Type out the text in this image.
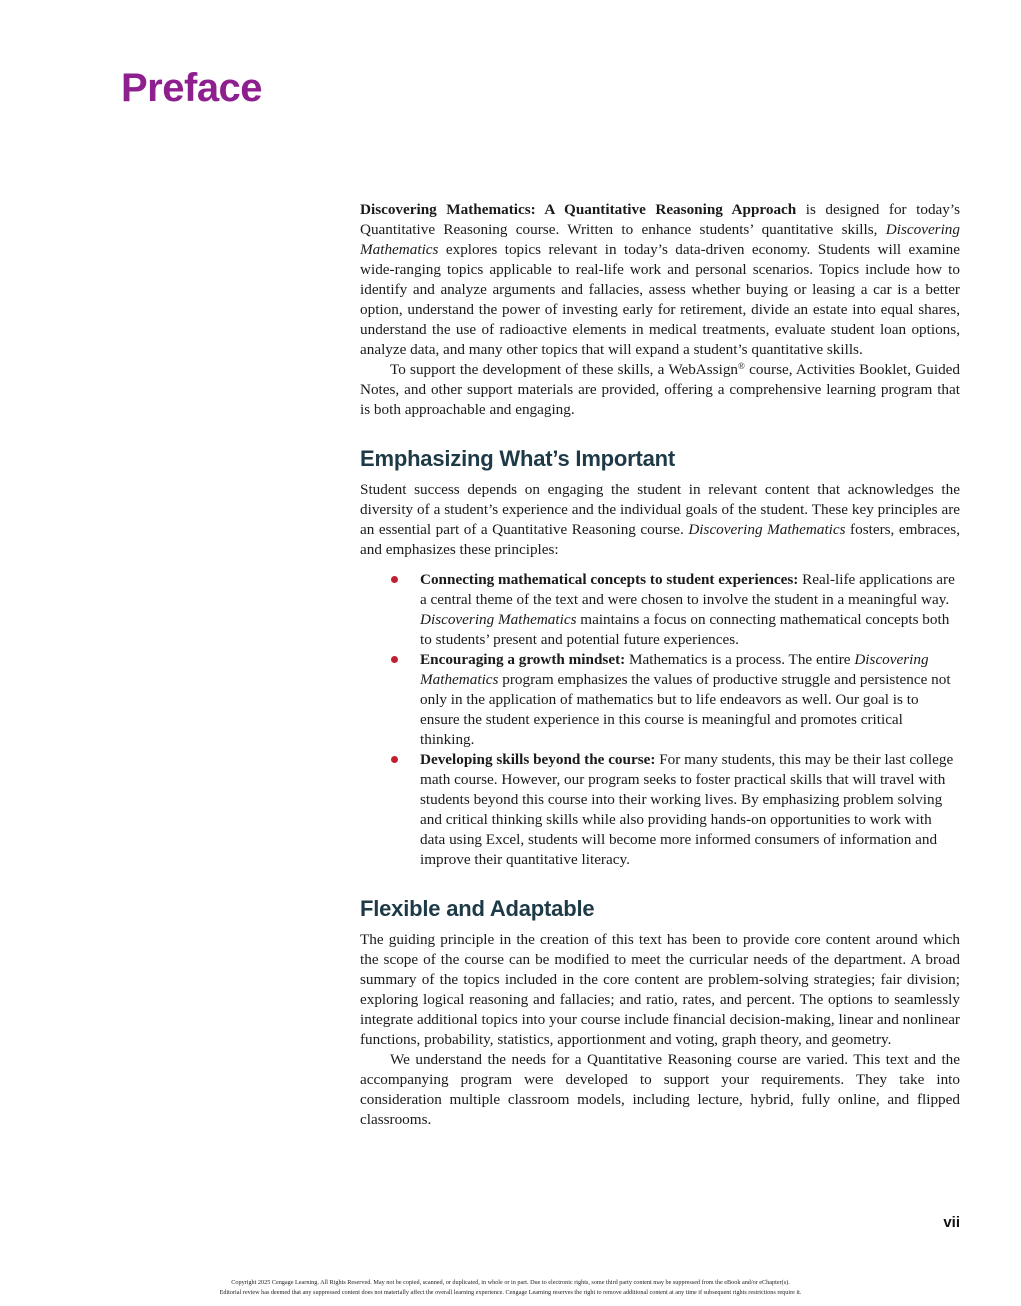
Preface

Discovering Mathematics: A Quantitative Reasoning Approach is designed for today’s Quantitative Reasoning course. Written to enhance students’ quantitative skills, Discovering Mathematics explores topics relevant in today’s data-driven economy. Students will examine wide-ranging topics applicable to real-life work and personal scenarios. Topics include how to identify and analyze arguments and fallacies, assess whether buying or leasing a car is a better option, understand the power of investing early for retirement, divide an estate into equal shares, understand the use of radioactive elements in medical treatments, evaluate student loan options, analyze data, and many other topics that will expand a student’s quantitative skills.

To support the development of these skills, a WebAssign® course, Activities Booklet, Guided Notes, and other support materials are provided, offering a comprehensive learning program that is both approachable and engaging.

Emphasizing What’s Important

Student success depends on engaging the student in relevant content that acknowledges the diversity of a student’s experience and the individual goals of the student. These key principles are an essential part of a Quantitative Reasoning course. Discovering Mathematics fosters, embraces, and emphasizes these principles:

Connecting mathematical concepts to student experiences: Real-life applications are a central theme of the text and were chosen to involve the student in a meaningful way. Discovering Mathematics maintains a focus on connecting mathematical concepts both to students’ present and potential future experiences.
Encouraging a growth mindset: Mathematics is a process. The entire Discovering Mathematics program emphasizes the values of productive struggle and persistence not only in the application of mathematics but to life endeavors as well. Our goal is to ensure the student experience in this course is meaningful and promotes critical thinking.
Developing skills beyond the course: For many students, this may be their last college math course. However, our program seeks to foster practical skills that will travel with students beyond this course into their working lives. By emphasizing problem solving and critical thinking skills while also providing hands-on opportunities to work with data using Excel, students will become more informed consumers of information and improve their quantitative literacy.
Flexible and Adaptable

The guiding principle in the creation of this text has been to provide core content around which the scope of the course can be modified to meet the curricular needs of the department. A broad summary of the topics included in the core content are problem-solving strategies; fair division; exploring logical reasoning and fallacies; and ratio, rates, and percent. The options to seamlessly integrate additional topics into your course include financial decision-making, linear and nonlinear functions, probability, statistics, apportionment and voting, graph theory, and geometry.

We understand the needs for a Quantitative Reasoning course are varied. This text and the accompanying program were developed to support your requirements. They take into consideration multiple classroom models, including lecture, hybrid, fully online, and flipped classrooms.

vii
Copyright 2025 Cengage Learning. All Rights Reserved. May not be copied, scanned, or duplicated, in whole or in part. Due to electronic rights, some third party content may be suppressed from the eBook and/or eChapter(s).
Editorial review has deemed that any suppressed content does not materially affect the overall learning experience. Cengage Learning reserves the right to remove additional content at any time if subsequent rights restrictions require it.
